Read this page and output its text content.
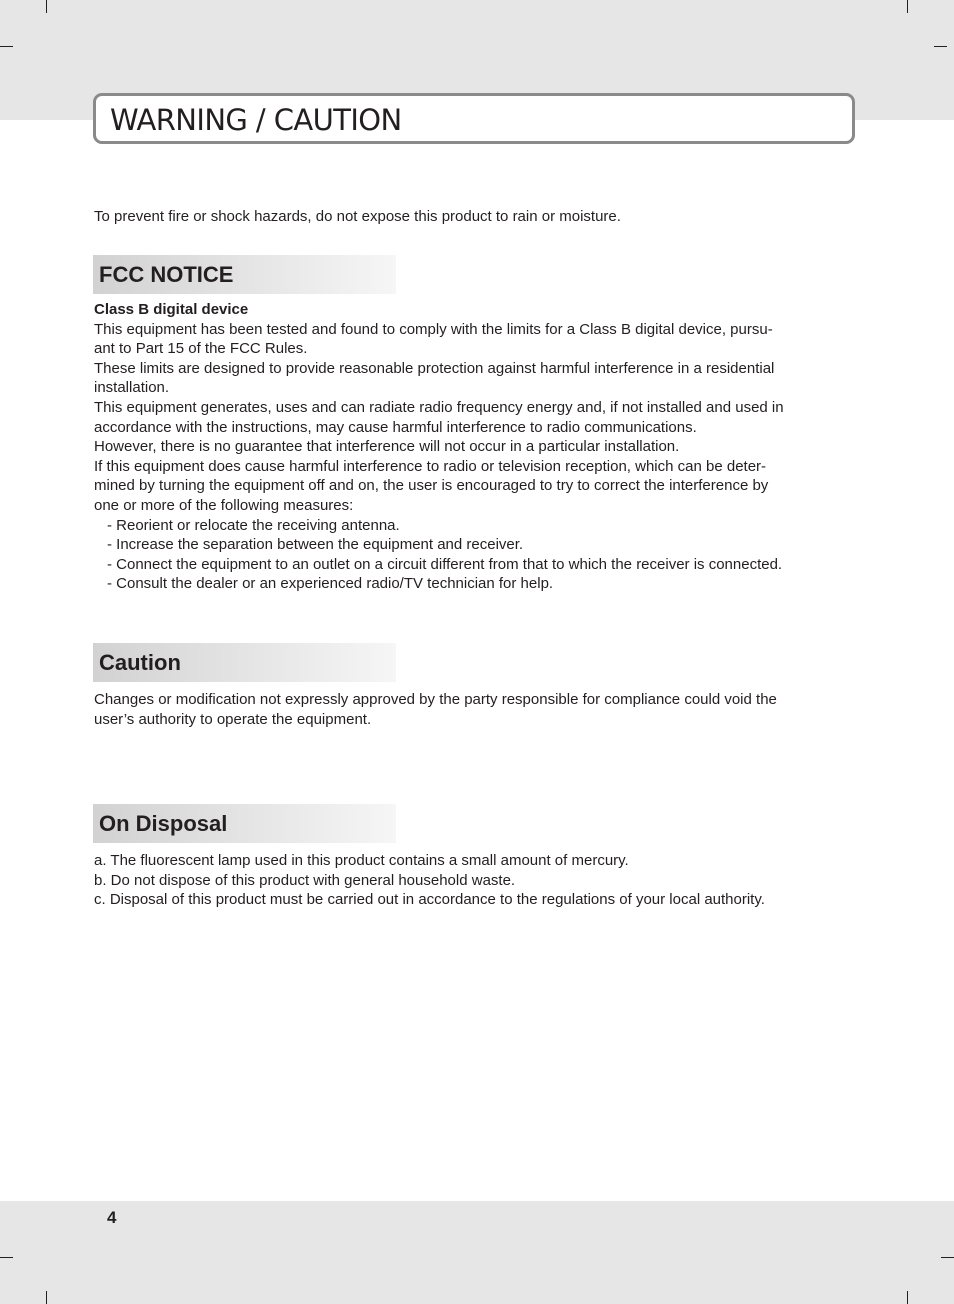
WARNING / CAUTION
To prevent fire or shock hazards, do not expose this product to rain or moisture.
FCC NOTICE

Class B digital device

This equipment has been tested and found to comply with the limits for a Class B digital device, pursu-

ant to Part 15 of the FCC Rules.

These limits are designed to provide reasonable protection against harmful interference in a residential

installation.

This equipment generates, uses and can radiate radio frequency energy and, if not installed and used in

accordance with the instructions, may cause harmful interference to radio communications.

However, there is no guarantee that interference will not occur in a particular installation.

If this equipment does cause harmful interference to radio or television reception, which can be deter-

mined by turning the equipment off and on, the user is encouraged to try to correct the interference by

one or more of the following measures:

- Reorient or relocate the receiving antenna.

- Increase the separation between the equipment and receiver.

- Connect the equipment to an outlet on a circuit different from that to which the receiver is connected.

- Consult the dealer or an experienced radio/TV technician for help.

Caution

Changes or modification not expressly approved by the party responsible for compliance could void the

user’s authority to operate the equipment.

On Disposal

a. The fluorescent lamp used in this product contains a small amount of mercury.

b. Do not dispose of this product with general household waste.

c. Disposal of this product must be carried out in accordance to the regulations of your local authority.

4
